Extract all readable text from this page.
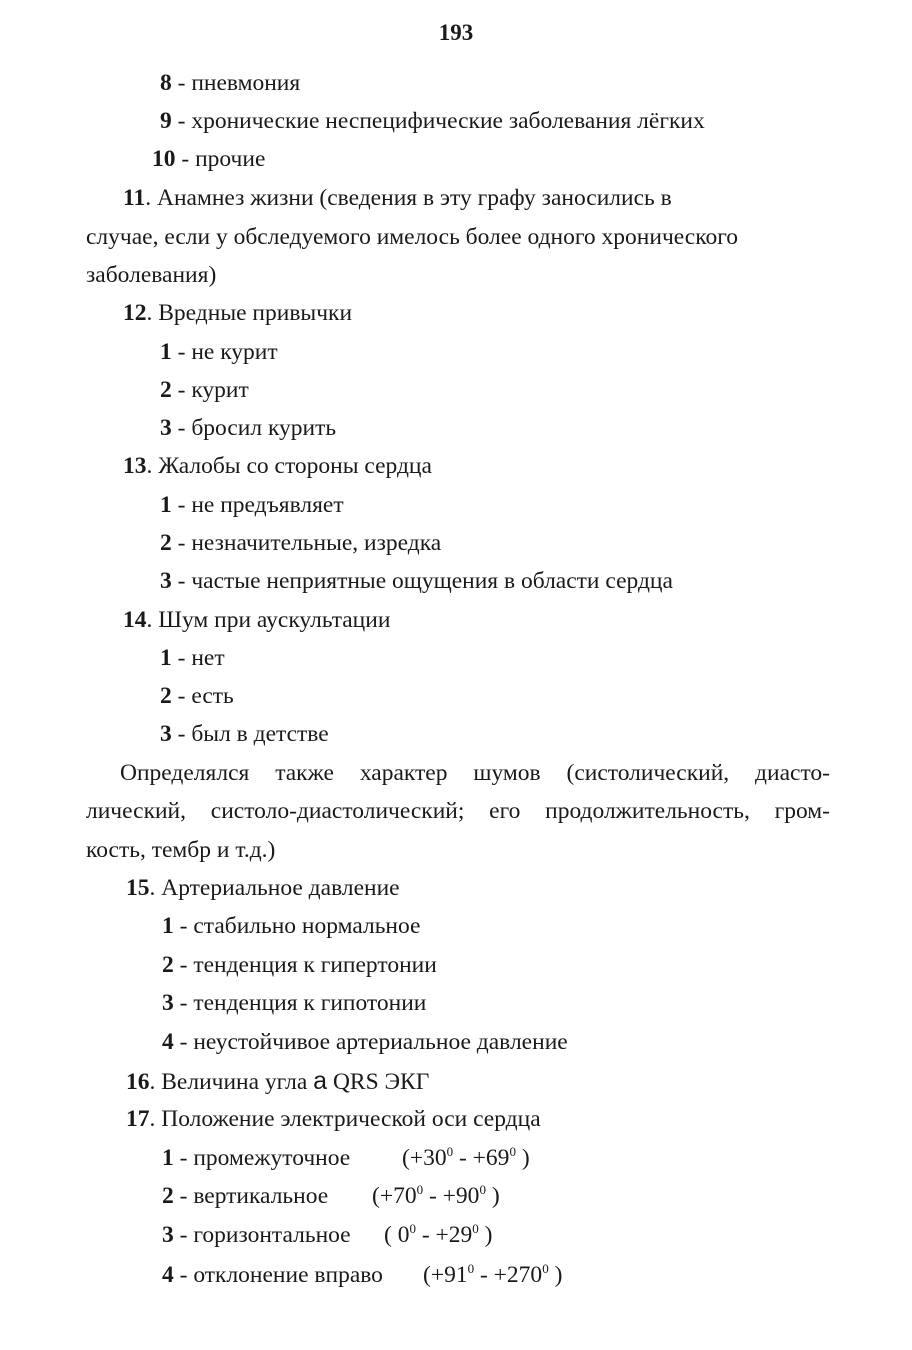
193
8 - пневмония
9 - хронические неспецифические заболевания лёгких
10 - прочие
11. Анамнез жизни (сведения в эту графу заносились в
случае, если у обследуемого имелось более одного хронического
заболевания)
12. Вредные привычки
1 - не курит
2 - курит
3 - бросил курить
13. Жалобы со стороны сердца
1 - не предъявляет
2 - незначительные, изредка
3 - частые неприятные ощущения в области сердца
14. Шум при аускультации
1 - нет
2 - есть
3 - был в детстве
Определялся также характер шумов (систолический, диасто-
лический, систоло-диастолический; его продолжительность, гром-
кость, тембр и т.д.)
15. Артериальное давление
1 - стабильно нормальное
2 - тенденция к гипертонии
3 - тенденция к гипотонии
4 - неустойчивое артериальное давление
16. Величина угла a QRS ЭКГ
17. Положение электрической оси сердца
1 - промежуточное ($+30^0 - +69^0$ )
2 - вертикальное ($+70^0 - +90^0$ )
3 - горизонтальное ( $0^0 - +29^0$ )
4 - отклонение вправо ($+91^0 - +270^0$ )
